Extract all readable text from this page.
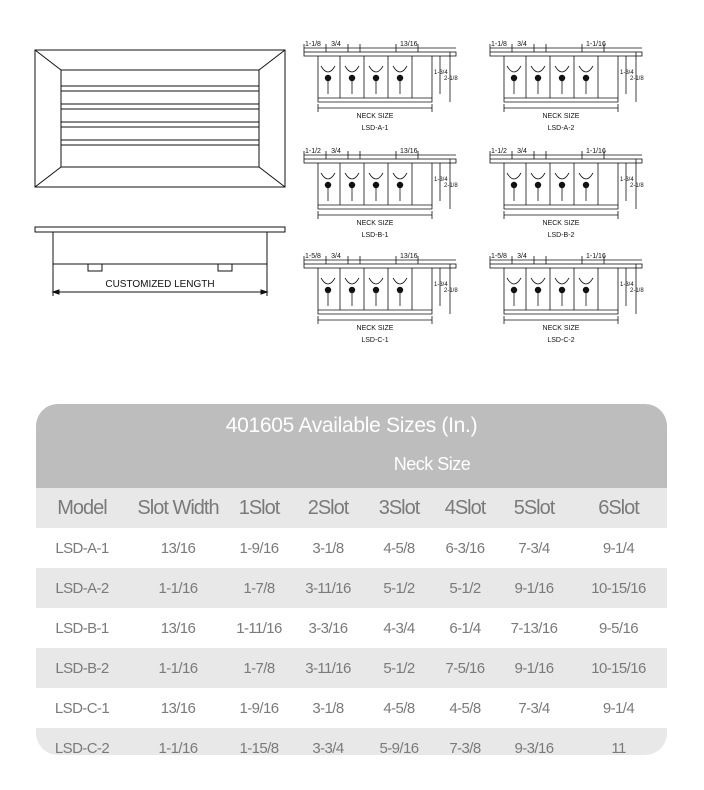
CUSTOMIZED LENGTH
1-1/8 3/4	13/16
1-3/4
2-1/8
NECK SIZE
LSD-A-1
1-1/8 3/4	1-1/16
1-3/4
2-1/8
NECK SIZE
LSD-A-2
1-1/2 3/4	13/16
1-3/4
2-1/8
NECK SIZE
LSD-B-1
1-1/2 3/4	1-1/16
1-3/4
2-1/8
NECK SIZE
LSD-B-2
1-5/8 3/4	13/16
1-3/4
2-1/8
NECK SIZE
LSD-C-1
1-5/8 3/4	1-1/16
1-3/4
2-1/8
NECK SIZE
LSD-C-2
401605 Available Sizes (In.)
Neck Size
Model	Slot Width	1Slot	2Slot	3Slot	4Slot	5Slot	6Slot
LSD-A-1	13/16	1-9/16	3-1/8	4-5/8	6-3/16	7-3/4	9-1/4
LSD-A-2	1-1/16	1-7/8	3-11/16	5-1/2	5-1/2	9-1/16	10-15/16
LSD-B-1	13/16	1-11/16	3-3/16	4-3/4	6-1/4	7-13/16	9-5/16
LSD-B-2	1-1/16	1-7/8	3-11/16	5-1/2	7-5/16	9-1/16	10-15/16
LSD-C-1	13/16	1-9/16	3-1/8	4-5/8	4-5/8	7-3/4	9-1/4
LSD-C-2	1-1/16	1-15/8	3-3/4	5-9/16	7-3/8	9-3/16	11
